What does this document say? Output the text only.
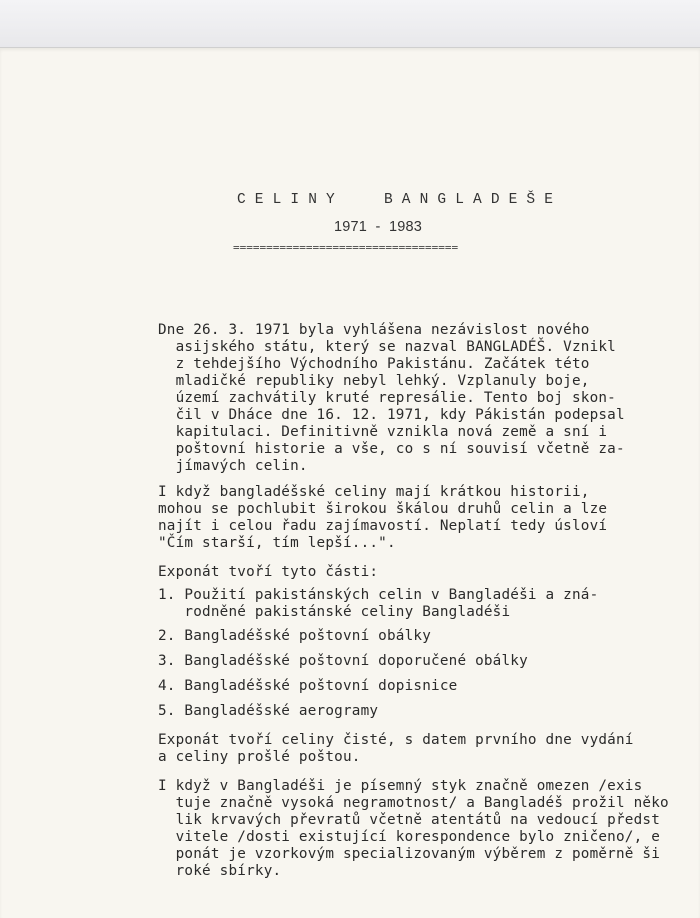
C E L I N Y	B A N G L A D E Š E
1971  -  1983
==================================
Dne 26. 3. 1971 byla vyhlášena nezávislost nového
asijského státu, který se nazval BANGLADÉŠ. Vznikl
z tehdejšího Východního Pakistánu. Začátek této
mladičké republiky nebyl lehký. Vzplanuly boje,
území zachvátily kruté represálie. Tento boj skon-
čil v Dháce dne 16. 12. 1971, kdy Pákistán podepsal
kapitulaci. Definitivně vznikla nová země a sní i
poštovní historie a vše, co s ní souvisí včetně za-
jímavých celin.
I když bangladéšské celiny mají krátkou historii,
mohou se pochlubit širokou škálou druhů celin a lze
najít i celou řadu zajímavostí. Neplatí tedy úsloví
"Čím starší, tím lepší...".
Exponát tvoří tyto části:
1. Použití pakistánských celin v Bangladéši a zná-
rodněné pakistánské celiny Bangladéši
2. Bangladéšské poštovní obálky
3. Bangladéšské poštovní doporučené obálky
4. Bangladéšské poštovní dopisnice
5. Bangladéšské aerogramy
Exponát tvoří celiny čisté, s datem prvního dne vydání
a celiny prošlé poštou.
I když v Bangladéši je písemný styk značně omezen /exis
tuje značně vysoká negramotnost/ a Bangladéš prožil něko
lik krvavých převratů včetně atentátů na vedoucí předst
vitele /dosti existující korespondence bylo zničeno/, e
ponát je vzorkovým specializovaným výběrem z poměrně ši
roké sbírky.
